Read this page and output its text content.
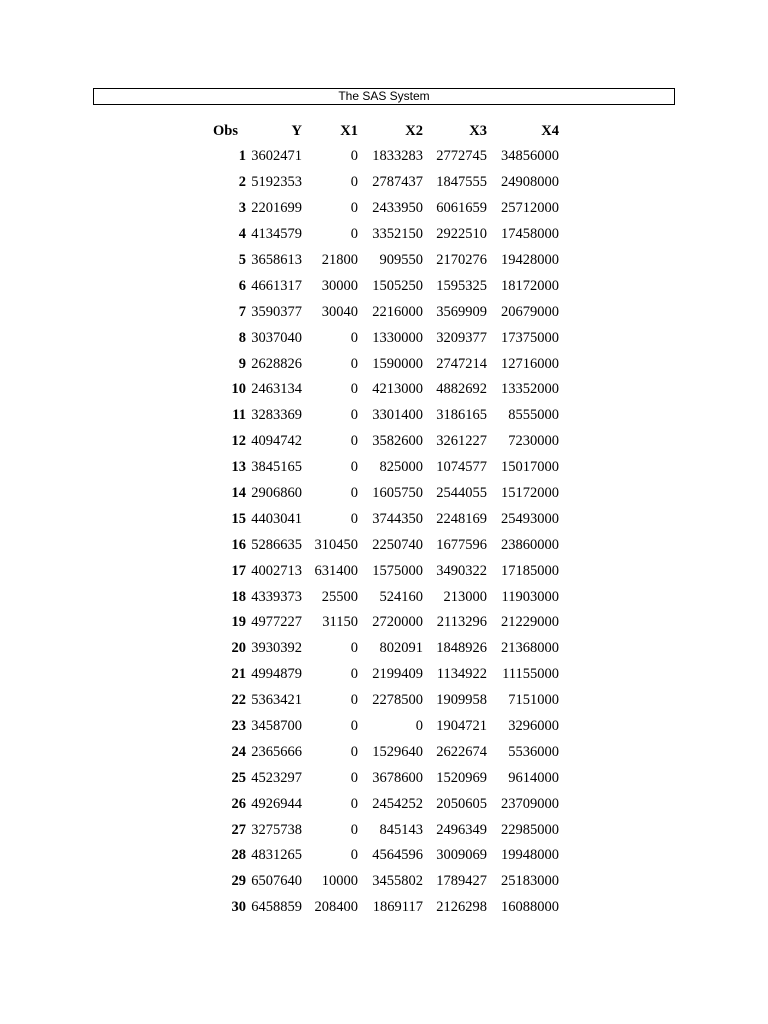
The SAS System
Obs	Y	X1	X2	X3	X4
1	3602471	0	1833283	2772745	34856000
2	5192353	0	2787437	1847555	24908000
3	2201699	0	2433950	6061659	25712000
4	4134579	0	3352150	2922510	17458000
5	3658613	21800	909550	2170276	19428000
6	4661317	30000	1505250	1595325	18172000
7	3590377	30040	2216000	3569909	20679000
8	3037040	0	1330000	3209377	17375000
9	2628826	0	1590000	2747214	12716000
10	2463134	0	4213000	4882692	13352000
11	3283369	0	3301400	3186165	8555000
12	4094742	0	3582600	3261227	7230000
13	3845165	0	825000	1074577	15017000
14	2906860	0	1605750	2544055	15172000
15	4403041	0	3744350	2248169	25493000
16	5286635	310450	2250740	1677596	23860000
17	4002713	631400	1575000	3490322	17185000
18	4339373	25500	524160	213000	11903000
19	4977227	31150	2720000	2113296	21229000
20	3930392	0	802091	1848926	21368000
21	4994879	0	2199409	1134922	11155000
22	5363421	0	2278500	1909958	7151000
23	3458700	0	0	1904721	3296000
24	2365666	0	1529640	2622674	5536000
25	4523297	0	3678600	1520969	9614000
26	4926944	0	2454252	2050605	23709000
27	3275738	0	845143	2496349	22985000
28	4831265	0	4564596	3009069	19948000
29	6507640	10000	3455802	1789427	25183000
30	6458859	208400	1869117	2126298	16088000
